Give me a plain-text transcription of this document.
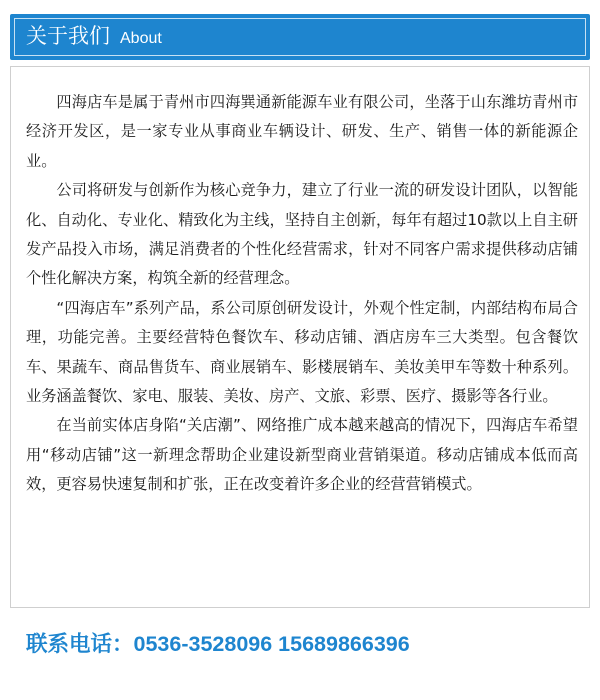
关于我们 About

四海店车是属于青州市四海巽通新能源车业有限公司，坐落于山东潍坊青州市经济开发区，是一家专业从事商业车辆设计、研发、生产、销售一体的新能源企业。

公司将研发与创新作为核心竞争力，建立了行业一流的研发设计团队，以智能化、自动化、专业化、精致化为主线，坚持自主创新，每年有超过10款以上自主研发产品投入市场，满足消费者的个性化经营需求，针对不同客户需求提供移动店铺个性化解决方案，构筑全新的经营理念。

“四海店车”系列产品，系公司原创研发设计，外观个性定制，内部结构布局合理，功能完善。主要经营特色餐饮车、移动店铺、酒店房车三大类型。包含餐饮车、果蔬车、商品售货车、商业展销车、影楼展销车、美妆美甲车等数十种系列。业务涵盖餐饮、家电、服装、美妆、房产、文旅、彩票、医疗、摄影等各行业。

在当前实体店身陷“关店潮”、网络推广成本越来越高的情况下，四海店车希望用“移动店铺”这一新理念帮助企业建设新型商业营销渠道。移动店铺成本低而高效，更容易快速复制和扩张，正在改变着许多企业的经营营销模式。

联系电话：0536-3528096 15689866396
